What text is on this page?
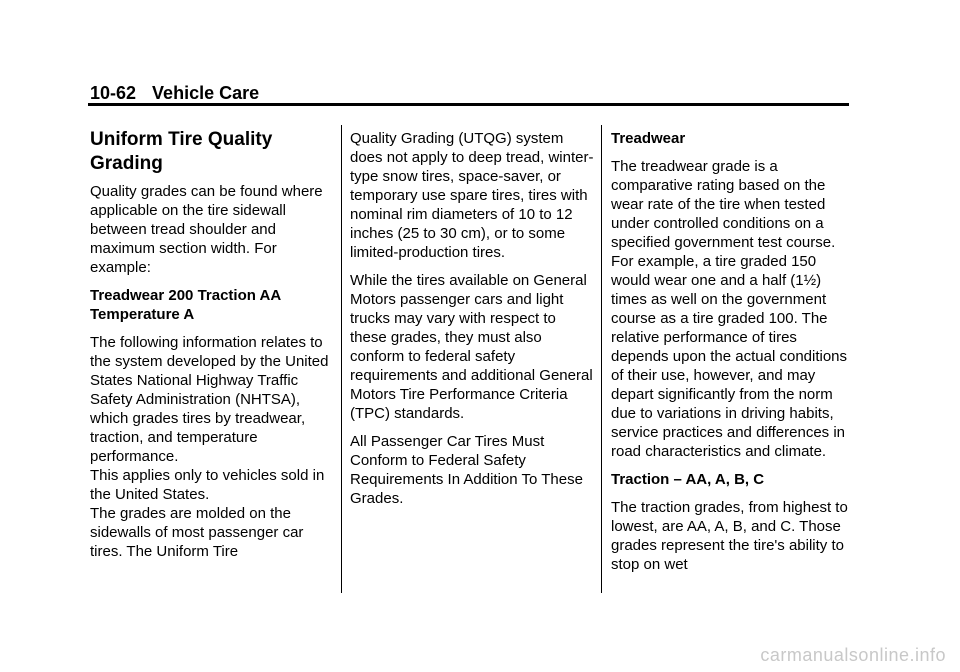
10-62 Vehicle Care
Uniform Tire Quality
Grading

Quality grades can be found where applicable on the tire sidewall between tread shoulder and maximum section width. For example:

Treadwear 200 Traction AA Temperature A

The following information relates to the system developed by the United States National Highway Traffic Safety Administration (NHTSA), which grades tires by treadwear, traction, and temperature performance.

This applies only to vehicles sold in the United States.

The grades are molded on the sidewalls of most passenger car tires. The Uniform Tire

Quality Grading (UTQG) system does not apply to deep tread, winter-type snow tires, space-saver, or temporary use spare tires, tires with nominal rim diameters of 10 to 12 inches (25 to 30 cm), or to some limited-production tires.

While the tires available on General Motors passenger cars and light trucks may vary with respect to these grades, they must also conform to federal safety requirements and additional General Motors Tire Performance Criteria (TPC) standards.

All Passenger Car Tires Must Conform to Federal Safety Requirements In Addition To These Grades.

Treadwear

The treadwear grade is a comparative rating based on the wear rate of the tire when tested under controlled conditions on a specified government test course. For example, a tire graded 150 would wear one and a half (1½) times as well on the government course as a tire graded 100. The relative performance of tires depends upon the actual conditions of their use, however, and may depart significantly from the norm due to variations in driving habits, service practices and differences in road characteristics and climate.

Traction – AA, A, B, C

The traction grades, from highest to lowest, are AA, A, B, and C. Those grades represent the tire's ability to stop on wet

carmanualsonline.info
